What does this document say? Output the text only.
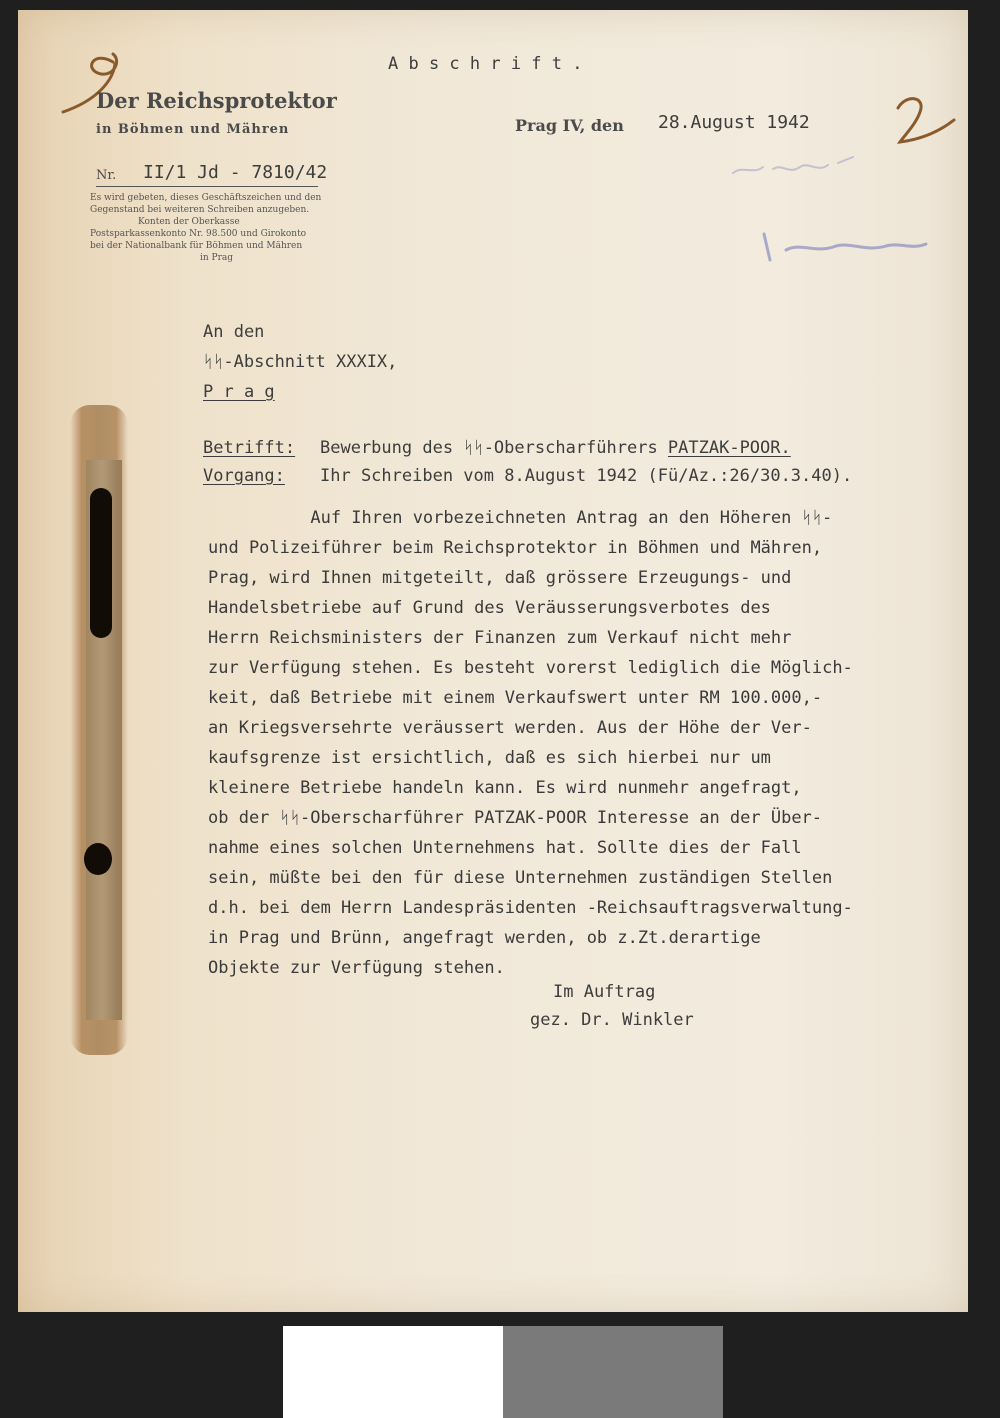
A b s c h r i f t .
Der Reichsprotektor
in Böhmen und Mähren	Prag IV, den 28.August 1942
Nr. II/1 Jd - 7810/42
Es wird gebeten, dieses Geschäftszeichen und den
Gegenstand bei weiteren Schreiben anzugeben.
Konten der Oberkasse
Postsparkassenkonto Nr. 98.500 und Girokonto
bei der Nationalbank für Böhmen und Mähren
in Prag
An den
ᛋᛋ-Abschnitt XXXIX,
P r a g
Betrifft: Bewerbung des ᛋᛋ-Oberscharführers PATZAK-POOR.
Vorgang: Ihr Schreiben vom 8.August 1942 (Fü/Az.:26/30.3.40).
Auf Ihren vorbezeichneten Antrag an den Höheren ᛋᛋ-
und Polizeiführer beim Reichsprotektor in Böhmen und Mähren,
Prag, wird Ihnen mitgeteilt, daß grössere Erzeugungs- und
Handelsbetriebe auf Grund des Veräusserungsverbotes des
Herrn Reichsministers der Finanzen zum Verkauf nicht mehr
zur Verfügung stehen. Es besteht vorerst lediglich die Möglich-
keit, daß Betriebe mit einem Verkaufswert unter RM 100.000,-
an Kriegsversehrte veräussert werden. Aus der Höhe der Ver-
kaufsgrenze ist ersichtlich, daß es sich hierbei nur um
kleinere Betriebe handeln kann. Es wird nunmehr angefragt,
ob der ᛋᛋ-Oberscharführer PATZAK-POOR Interesse an der Über-
nahme eines solchen Unternehmens hat. Sollte dies der Fall
sein, müßte bei den für diese Unternehmen zuständigen Stellen
d.h. bei dem Herrn Landespräsidenten -Reichsauftragsverwaltung-
in Prag und Brünn, angefragt werden, ob z.Zt.derartige
Objekte zur Verfügung stehen.
Im Auftrag
gez. Dr. Winkler
